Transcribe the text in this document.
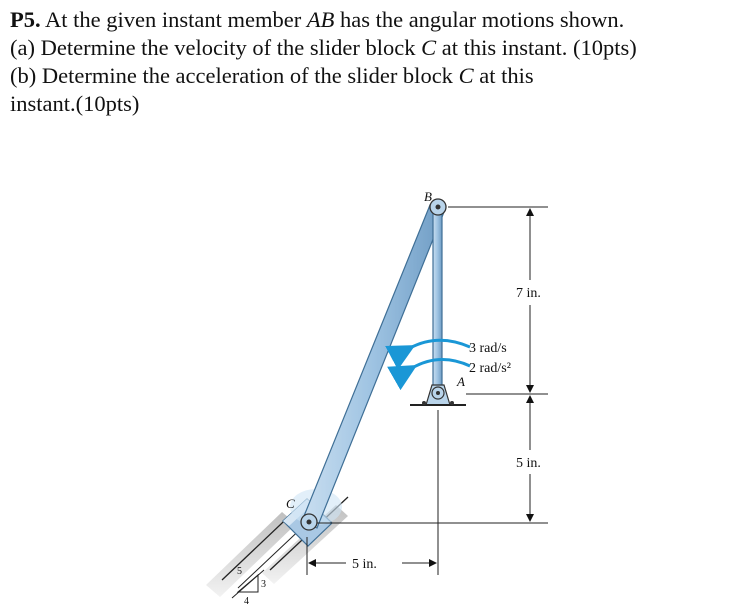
P5. At the given instant member AB has the angular motions shown.
(a) Determine the velocity of the slider block C at this instant. (10pts)
(b) Determine the acceleration of the slider block C at this
instant.(10pts)
B
A
C
3 rad/s
2 rad/s²
7 in.
5 in.
5 in.
5
3
4
